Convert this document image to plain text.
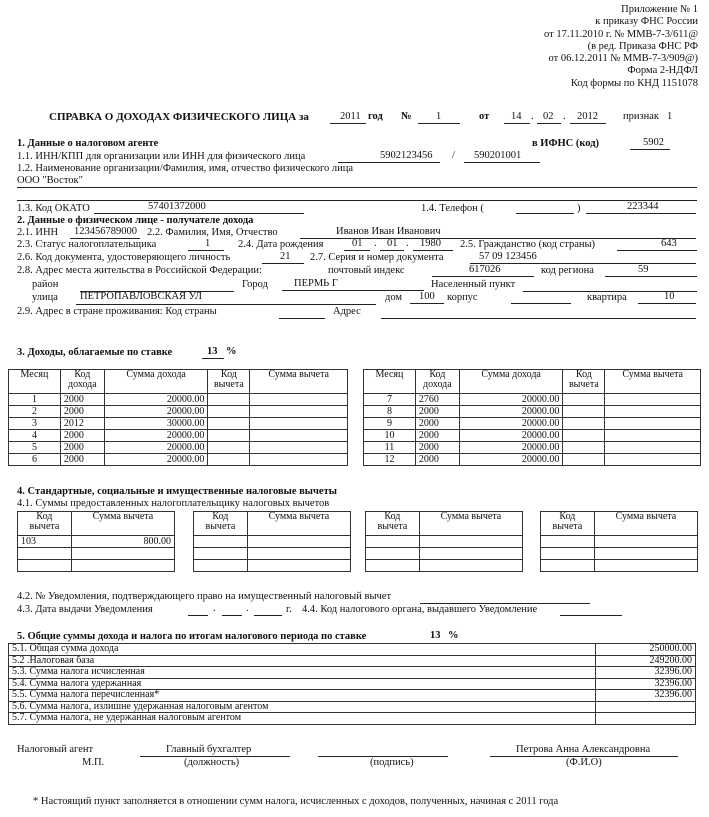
Приложение № 1
к приказу ФНС России
от 17.11.2010 г. № ММВ-7-3/611@
(в ред. Приказа ФНС РФ
от 06.12.2011 № ММВ-7-3/909@)
Форма 2-НДФЛ
Код формы по КНД 1151078
СПРАВКА О ДОХОДАХ ФИЗИЧЕСКОГО ЛИЦА за	2011 год № 1	от 14 . 02 . 2012 признак 1
1. Данные о налоговом агенте	в ИФНС (код)	5902
1.1. ИНН/КПП для организации или ИНН для физического лица	5902123456 / 590201001
1.2. Наименование организации/Фамилия, имя, отчество физического лица
ООО "Восток"
1.3. Код ОКАТО	57401372000	1.4. Телефон (	)	223344
2. Данные о физическом лице - получателе дохода
2.1. ИНН 123456789000 2.2. Фамилия, Имя, Отчество	Иванов Иван Иванович
2.3. Статус налогоплательщика	1	2.4. Дата рождения	01 . 01 . 1980 2.5. Гражданство (код страны)	643
2.6. Код документа, удостоверяющего личность	21 2.7. Серия и номер документа	57 09 123456
2.8. Адрес места жительства в Российской Федерации:	почтовый индекс	617026	код региона	59
район	Город ПЕРМЬ Г	Населенный пункт
улица ПЕТРОПАВЛОВСКАЯ УЛ	дом 100 корпус	квартира	10
2.9. Адрес в стране проживания: Код страны	Адрес
3. Доходы, облагаемые по ставке	13 %
Месяц	Код дохода	Сумма дохода	Код вычета	Сумма вычета
1	2000	20000.00		
2	2000	20000.00		
3	2012	30000.00		
4	2000	20000.00		
5	2000	20000.00		
6	2000	20000.00		
Месяц	Код дохода	Сумма дохода	Код вычета	Сумма вычета
7	2760	20000.00		
8	2000	20000.00		
9	2000	20000.00		
10	2000	20000.00		
11	2000	20000.00		
12	2000	20000.00		
4. Стандартные, социальные и имущественные налоговые вычеты
4.1. Суммы предоставленных налогоплательщику налоговых вычетов
Код вычета	Сумма вычета
103	800.00

Код вычета	Сумма вычета

		Код вычета	Сумма вычета

		Код вычета	Сумма вычета

4.2. № Уведомления, подтверждающего право на имущественный налоговый вычет
4.3. Дата выдачи Уведомления	.	.	г. 4.4. Код налогового органа, выдавшего Уведомление
5. Общие суммы дохода и налога по итогам налогового периода по ставке	13 %
5.1. Общая сумма дохода	250000.00
5.2 .Налоговая база	249200.00
5.3. Сумма налога исчисленная	32396.00
5.4. Сумма налога удержанная	32396.00
5.5. Сумма налога перечисленная*	32396.00
5.6. Сумма налога, излишне удержанная налоговым агентом	
5.7. Сумма налога, не удержанная налоговым агентом	
Налоговый агент
М.П.
Главный бухгалтер
(должность)	(подпись)
Петрова Анна Александровна
(Ф.И.О)
* Настоящий пункт заполняется в отношении сумм налога, исчисленных с доходов, полученных, начиная с 2011 года
